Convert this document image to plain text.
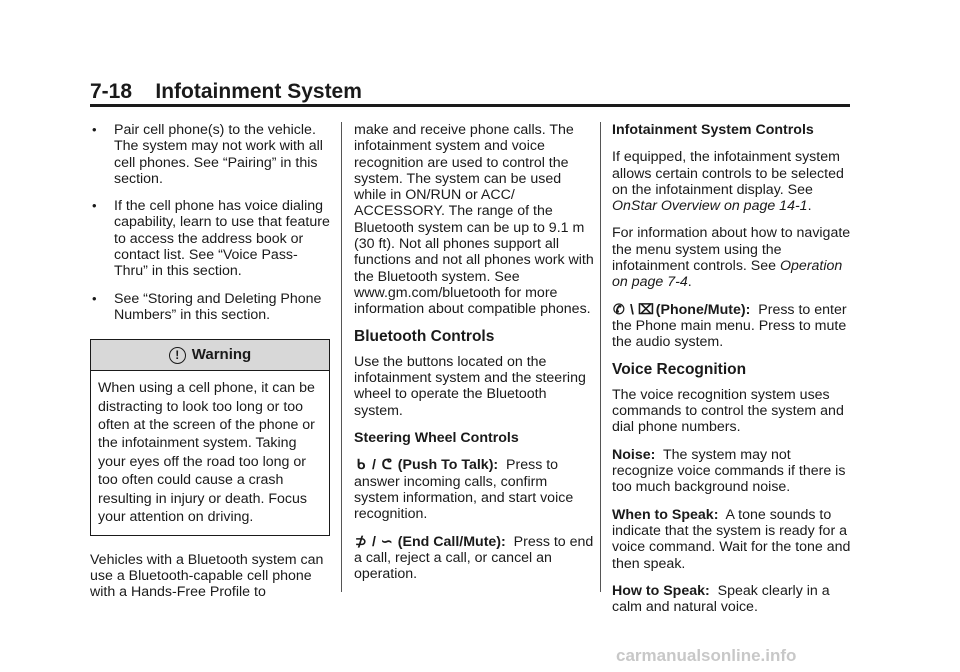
7-18 Infotainment System
• Pair cell phone(s) to the vehicle. The system may not work with all cell phones. See “Pairing” in this section.
• If the cell phone has voice dialing capability, learn to use that feature to access the address book or contact list. See “Voice Pass-Thru” in this section.
• See “Storing and Deleting Phone Numbers” in this section.
! Warning
When using a cell phone, it can be distracting to look too long or too often at the screen of the phone or the infotainment system. Taking your eyes off the road too long or too often could cause a crash resulting in injury or death. Focus your attention on driving.

Vehicles with a Bluetooth system can use a Bluetooth-capable cell phone with a Hands-Free Profile to

make and receive phone calls. The infotainment system and voice recognition are used to control the system. The system can be used while in ON/RUN or ACC/ ACCESSORY. The range of the Bluetooth system can be up to 9.1 m (30 ft). Not all phones support all functions and not all phones work with the Bluetooth system. See www.gm.com/bluetooth for more information about compatible phones.

Bluetooth Controls

Use the buttons located on the infotainment system and the steering wheel to operate the Bluetooth system.

Steering Wheel Controls

ᑲ / ᕦ (Push To Talk): Press to answer incoming calls, confirm system information, and start voice recognition.

⊅ / ∽ (End Call/Mute): Press to end a call, reject a call, or cancel an operation.

Infotainment System Controls

If equipped, the infotainment system allows certain controls to be selected on the infotainment display. See OnStar Overview on page 14-1.

For information about how to navigate the menu system using the infotainment controls. See Operation on page 7-4.

✆ \ ⌧ (Phone/Mute): Press to enter the Phone main menu. Press to mute the audio system.

Voice Recognition

The voice recognition system uses commands to control the system and dial phone numbers.

Noise: The system may not recognize voice commands if there is too much background noise.

When to Speak: A tone sounds to indicate that the system is ready for a voice command. Wait for the tone and then speak.

How to Speak: Speak clearly in a calm and natural voice.

carmanualsonline.info
